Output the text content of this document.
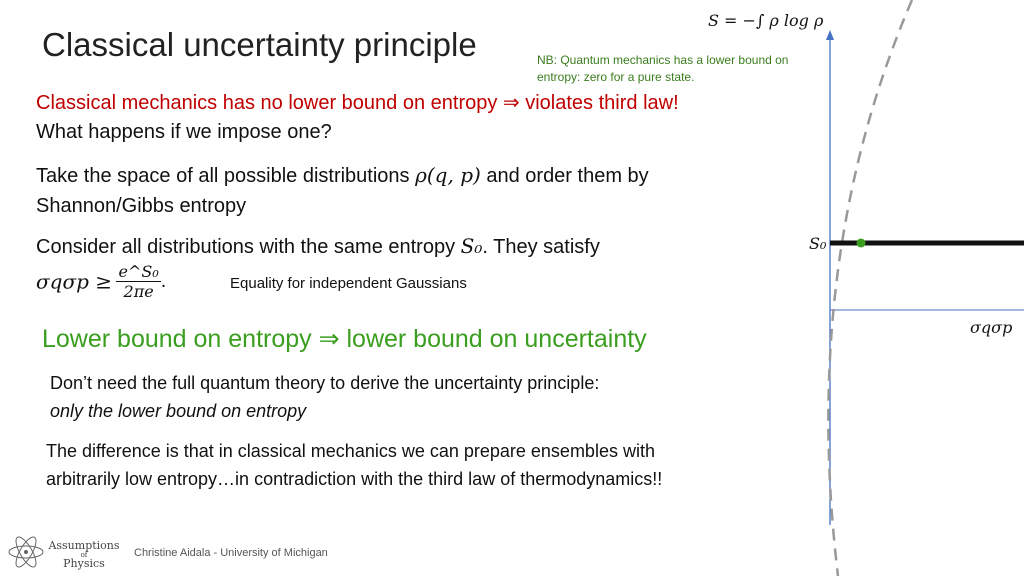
Classical uncertainty principle
S = −∫ ρ log ρ
NB: Quantum mechanics has a lower bound on entropy: zero for a pure state.
Classical mechanics has no lower bound on entropy ⇒ violates third law!
What happens if we impose one?
Take the space of all possible distributions ρ(q, p) and order them by
Shannon/Gibbs entropy
Consider all distributions with the same entropy S₀. They satisfy
$\sigma q\sigma p \ge \frac{\text{e\textasciicircum{}S₀}}{2\pi e}$ .	Equality for independent Gaussians
Lower bound on entropy ⇒ lower bound on uncertainty
Don’t need the full quantum theory to derive the uncertainty principle:
only the lower bound on entropy
The difference is that in classical mechanics we can prepare ensembles with
arbitrarily low entropy…in contradiction with the third law of thermodynamics!!
S₀
σqσp
Assumptions
of
Physics
Christine Aidala - University of Michigan
